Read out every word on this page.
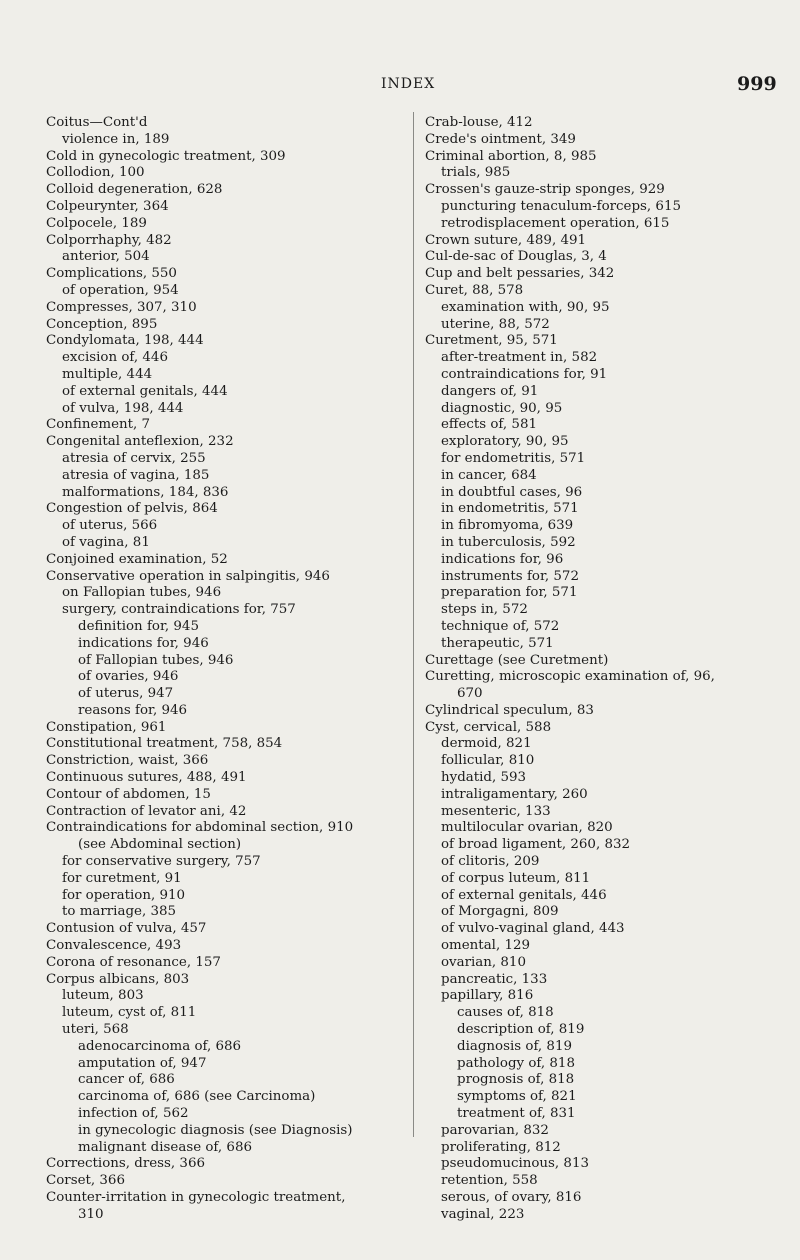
INDEX	999
Coitus—Cont'd
violence in, 189
Cold in gynecologic treatment, 309
Collodion, 100
Colloid degeneration, 628
Colpeurynter, 364
Colpocele, 189
Colporrhaphy, 482
anterior, 504
Complications, 550
of operation, 954
Compresses, 307, 310
Conception, 895
Condylomata, 198, 444
excision of, 446
multiple, 444
of external genitals, 444
of vulva, 198, 444
Confinement, 7
Congenital anteflexion, 232
atresia of cervix, 255
atresia of vagina, 185
malformations, 184, 836
Congestion of pelvis, 864
of uterus, 566
of vagina, 81
Conjoined examination, 52
Conservative operation in salpingitis, 946
on Fallopian tubes, 946
surgery, contraindications for, 757
definition for, 945
indications for, 946
of Fallopian tubes, 946
of ovaries, 946
of uterus, 947
reasons for, 946
Constipation, 961
Constitutional treatment, 758, 854
Constriction, waist, 366
Continuous sutures, 488, 491
Contour of abdomen, 15
Contraction of levator ani, 42
Contraindications for abdominal section, 910
(see Abdominal section)
for conservative surgery, 757
for curetment, 91
for operation, 910
to marriage, 385
Contusion of vulva, 457
Convalescence, 493
Corona of resonance, 157
Corpus albicans, 803
luteum, 803
luteum, cyst of, 811
uteri, 568
adenocarcinoma of, 686
amputation of, 947
cancer of, 686
carcinoma of, 686 (see Carcinoma)
infection of, 562
in gynecologic diagnosis (see Diagnosis)
malignant disease of, 686
Corrections, dress, 366
Corset, 366
Counter-irritation in gynecologic treatment,
310
Crab-louse, 412
Crede's ointment, 349
Criminal abortion, 8, 985
trials, 985
Crossen's gauze-strip sponges, 929
puncturing tenaculum-forceps, 615
retrodisplacement operation, 615
Crown suture, 489, 491
Cul-de-sac of Douglas, 3, 4
Cup and belt pessaries, 342
Curet, 88, 578
examination with, 90, 95
uterine, 88, 572
Curetment, 95, 571
after-treatment in, 582
contraindications for, 91
dangers of, 91
diagnostic, 90, 95
effects of, 581
exploratory, 90, 95
for endometritis, 571
in cancer, 684
in doubtful cases, 96
in endometritis, 571
in fibromyoma, 639
in tuberculosis, 592
indications for, 96
instruments for, 572
preparation for, 571
steps in, 572
technique of, 572
therapeutic, 571
Curettage (see Curetment)
Curetting, microscopic examination of, 96,
670
Cylindrical speculum, 83
Cyst, cervical, 588
dermoid, 821
follicular, 810
hydatid, 593
intraligamentary, 260
mesenteric, 133
multilocular ovarian, 820
of broad ligament, 260, 832
of clitoris, 209
of corpus luteum, 811
of external genitals, 446
of Morgagni, 809
of vulvo-vaginal gland, 443
omental, 129
ovarian, 810
pancreatic, 133
papillary, 816
causes of, 818
description of, 819
diagnosis of, 819
pathology of, 818
prognosis of, 818
symptoms of, 821
treatment of, 831
parovarian, 832
proliferating, 812
pseudomucinous, 813
retention, 558
serous, of ovary, 816
vaginal, 223
